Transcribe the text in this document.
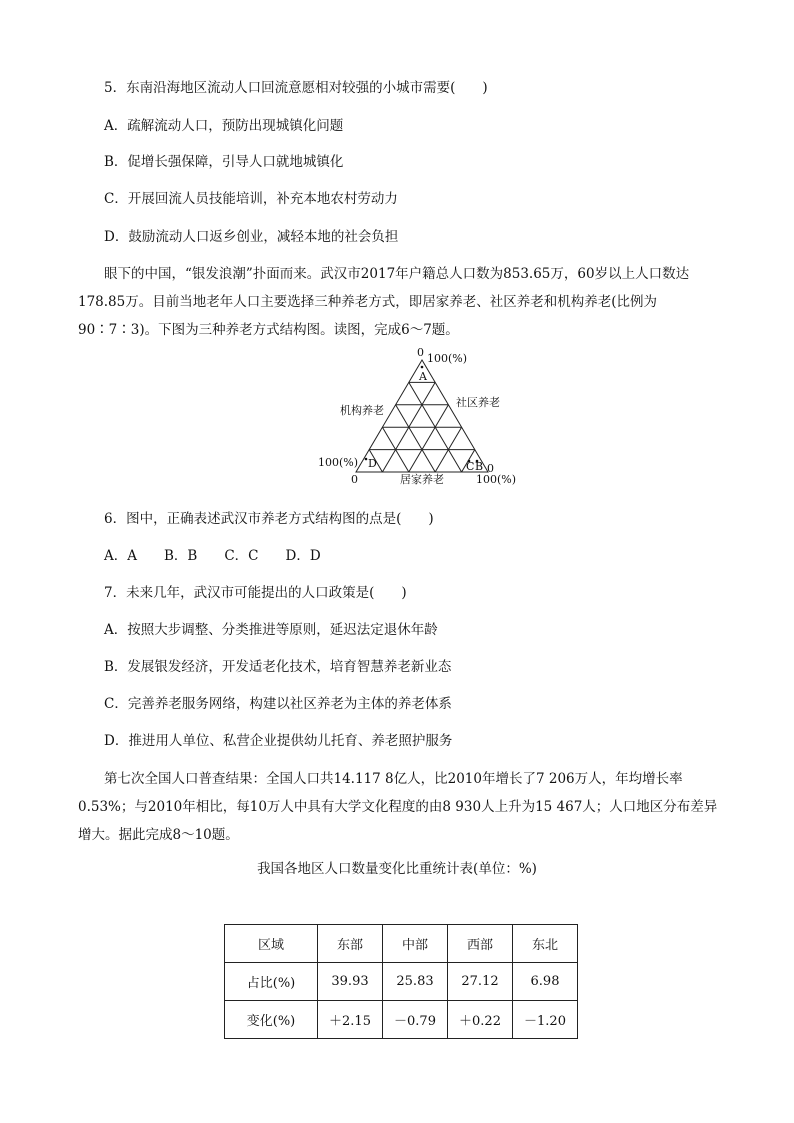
5．东南沿海地区流动人口回流意愿相对较强的小城市需要(　　)
A．疏解流动人口，预防出现城镇化问题
B．促增长强保障，引导人口就地城镇化
C．开展回流人员技能培训，补充本地农村劳动力
D．鼓励流动人口返乡创业，减轻本地的社会负担

眼下的中国，“银发浪潮”扑面而来。武汉市2017年户籍总人口数为853.65万，60岁以上人口数达178.85万。目前当地老年人口主要选择三种养老方式，即居家养老、社区养老和机构养老(比例为90∶7∶3)。下图为三种养老方式结构图。读图，完成6～7题。

0 100(%)
A
机构养老
社区养老
100(%) D	C B 0
0	居家养老	100(%)
6．图中，正确表述武汉市养老方式结构图的点是(　　)
A．A　　B．B　　C．C　　D．D
7．未来几年，武汉市可能提出的人口政策是(　　)
A．按照大步调整、分类推进等原则，延迟法定退休年龄
B．发展银发经济，开发适老化技术，培育智慧养老新业态
C．完善养老服务网络，构建以社区养老为主体的养老体系
D．推进用人单位、私营企业提供幼儿托育、养老照护服务

第七次全国人口普查结果：全国人口共14.117 8亿人，比2010年增长了7 206万人，年均增长率0.53%；与2010年相比，每10万人中具有大学文化程度的由8 930人上升为15 467人；人口地区分布差异增大。据此完成8～10题。

我国各地区人口数量变化比重统计表(单位：%)
区域	东部	中部	西部	东北
占比(%)	39.93	25.83	27.12	6.98
变化(%)	＋2.15	－0.79	＋0.22	－1.20
